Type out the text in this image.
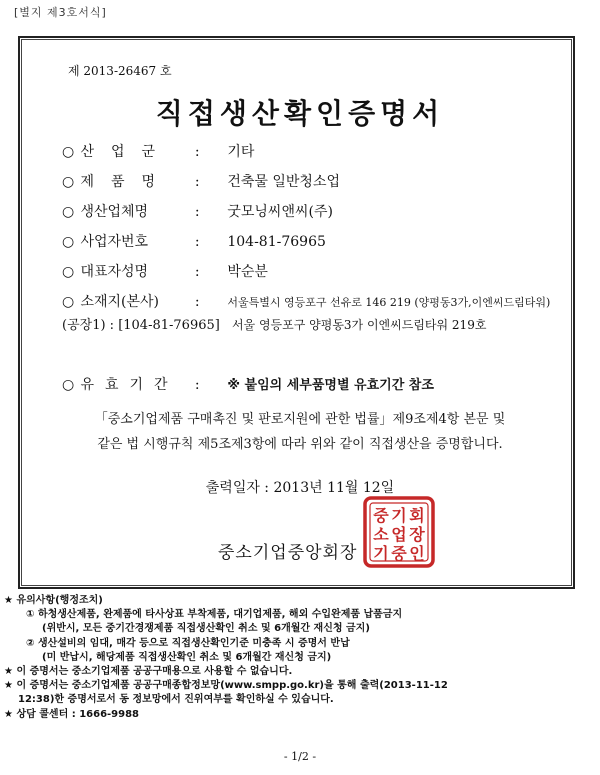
[별지 제3호서식]
제 2013-26467 호
직접생산확인증명서
○ 산업군 : 기타
○ 제품명 : 건축물 일반청소업
○ 생산업체명	: 굿모닝씨앤씨(주)
○ 사업자번호	: 104-81-76965
○ 대표자성명	: 박순분
○ 소재지(본사)	:	서울특별시 영등포구 선유로 146 219 (양평동3가,이엔씨드림타워)
(공장1) : [104-81-76965] 서울 영등포구 양평동3가 이엔씨드림타워 219호
○ 유효기간 : ※ 붙임의 세부품명별 유효기간 참조
「중소기업제품 구매촉진 및 판로지원에 관한 법률」제9조제4항 본문 및
같은 법 시행규칙 제5조제3항에 따라 위와 같이 직접생산을 증명합니다.
출력일자 : 2013년 11월 12일
중소기업중앙회장
중 기 회
소 업 장
기 중 인
★ 유의사항(행정조치)
① 하청생산제품, 완제품에 타사상표 부착제품, 대기업제품, 해외 수입완제품 납품금지
(위반시, 모든 중기간경쟁제품 직접생산확인 취소 및 6개월간 재신청 금지)
② 생산설비의 임대, 매각 등으로 직접생산확인기준 미충족 시 증명서 반납
(미 반납시, 해당제품 직접생산확인 취소 및 6개월간 재신청 금지)
★ 이 증명서는 중소기업제품 공공구매용으로 사용할 수 없습니다.
★ 이 증명서는 중소기업제품 공공구매종합정보망(www.smpp.go.kr)을 통해 출력(2013-11-12
12:38)한 증명서로서 동 정보망에서 진위여부를 확인하실 수 있습니다.
★ 상담 콜센터 : 1666-9988
- 1/2 -
